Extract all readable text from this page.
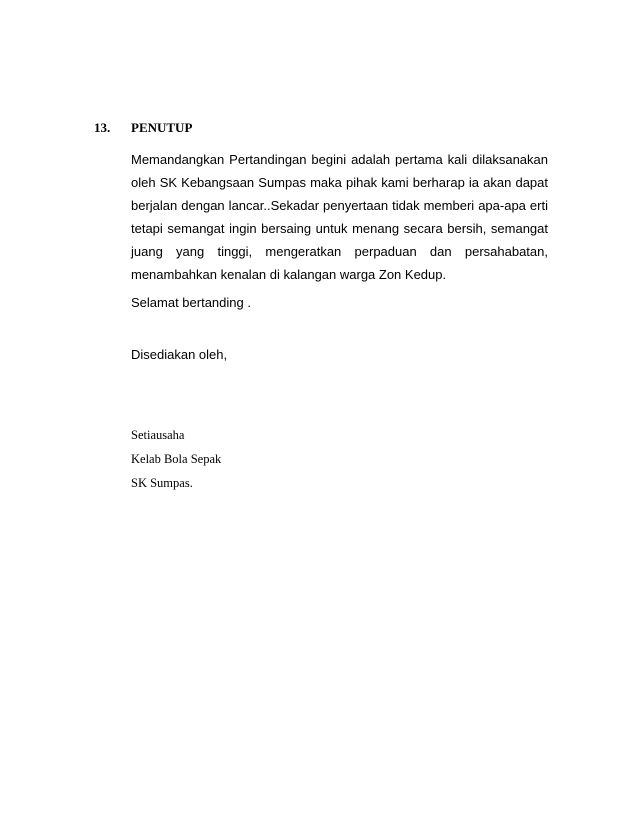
13. PENUTUP
Memandangkan Pertandingan begini adalah pertama kali dilaksanakan
oleh SK Kebangsaan Sumpas maka pihak kami berharap ia akan dapat
berjalan dengan lancar..Sekadar penyertaan tidak memberi apa-apa erti
tetapi semangat ingin bersaing untuk menang secara bersih, semangat
juang yang tinggi, mengeratkan perpaduan dan persahabatan,
menambahkan kenalan di kalangan warga Zon Kedup.
Selamat bertanding .
Disediakan oleh,
Setiausaha
Kelab Bola Sepak
SK Sumpas.
